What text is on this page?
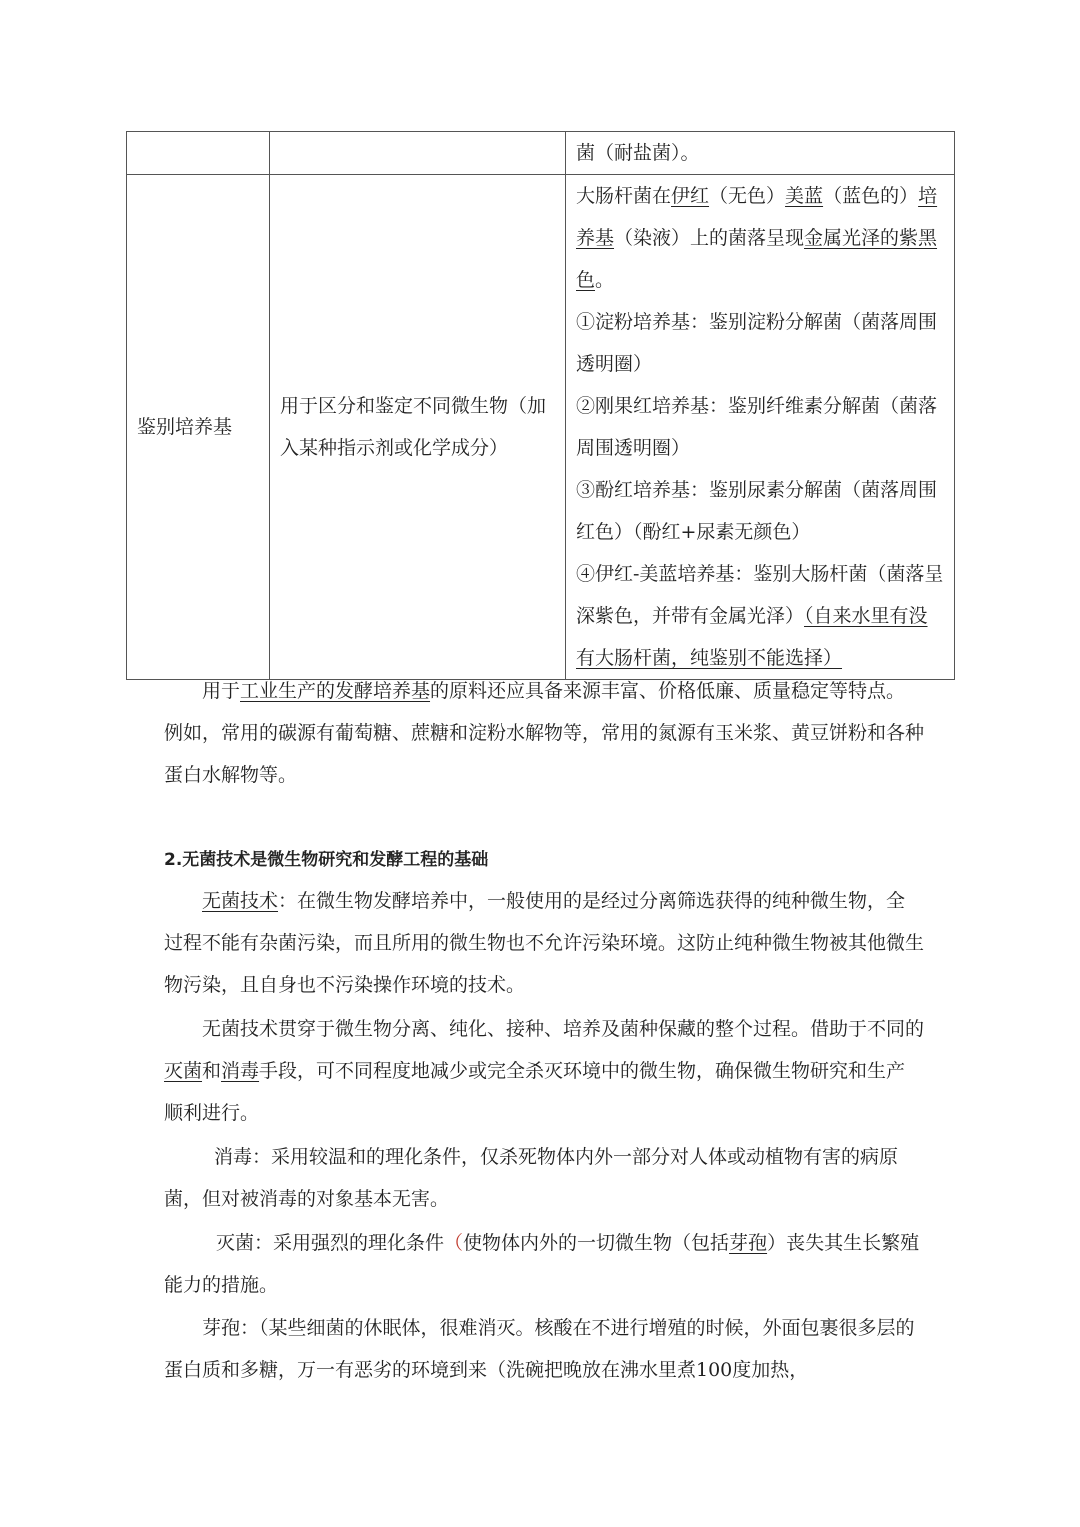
		菌（耐盐菌）。
鉴别培养基	用于区分和鉴定不同微生物（加入某种指示剂或化学成分）	大肠杆菌在伊红（无色）美蓝（蓝色的）培养基（染液）上的菌落呈现金属光泽的紫黑色。

①淀粉培养基：鉴别淀粉分解菌（菌落周围透明圈）

②刚果红培养基：鉴别纤维素分解菌（菌落周围透明圈）

③酚红培养基：鉴别尿素分解菌（菌落周围红色）（酚红+尿素无颜色）

④伊红-美蓝培养基：鉴别大肠杆菌（菌落呈深紫色，并带有金属光泽）（自来水里有没有大肠杆菌，纯鉴别不能选择）

用于工业生产的发酵培养基的原料还应具备来源丰富、价格低廉、质量稳定等特点。例如，常用的碳源有葡萄糖、蔗糖和淀粉水解物等，常用的氮源有玉米浆、黄豆饼粉和各种蛋白水解物等。

2.无菌技术是微生物研究和发酵工程的基础

无菌技术：在微生物发酵培养中，一般使用的是经过分离筛选获得的纯种微生物，全过程不能有杂菌污染，而且所用的微生物也不允许污染环境。这防止纯种微生物被其他微生物污染，且自身也不污染操作环境的技术。

无菌技术贯穿于微生物分离、纯化、接种、培养及菌种保藏的整个过程。借助于不同的灭菌和消毒手段，可不同程度地减少或完全杀灭环境中的微生物，确保微生物研究和生产顺利进行。

消毒：采用较温和的理化条件，仅杀死物体内外一部分对人体或动植物有害的病原菌，但对被消毒的对象基本无害。

灭菌：采用强烈的理化条件（使物体内外的一切微生物（包括芽孢）丧失其生长繁殖能力的措施。

芽孢：（某些细菌的休眠体，很难消灭。核酸在不进行增殖的时候，外面包裹很多层的蛋白质和多糖，万一有恶劣的环境到来（洗碗把晚放在沸水里煮100度加热，
